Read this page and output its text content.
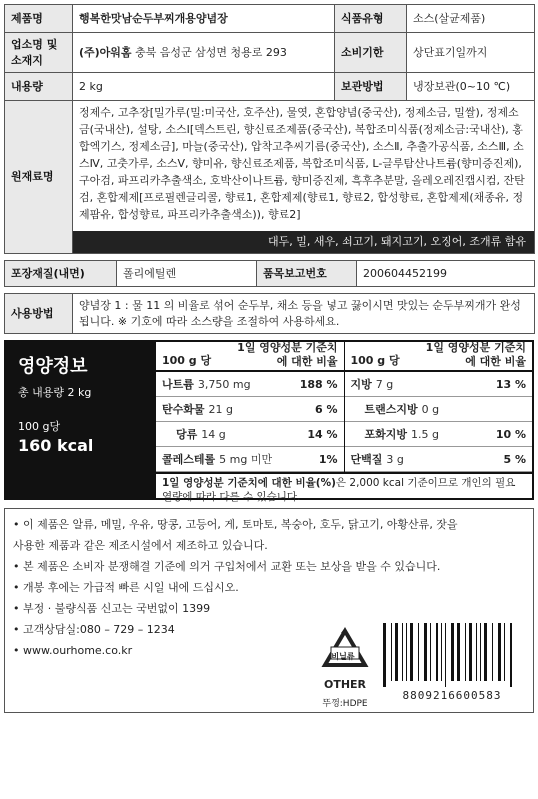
제품명	행복한맛남순두부찌개용양념장	식품유형	소스(살균제품)
업소명 및 소재지	(주)아워홈 충북 음성군 삼성면 청용로 293	소비기한	상단표기일까지
내용량	2 kg	보관방법	냉장보관(0~10 ℃)
원재료명	정제수, 고추장[밀가루(밀:미국산, 호주산), 물엿, 혼합양념(중국산), 정제소금, 밀쌀), 정제소금(국내산), 설탕, 소스Ⅰ[덱스트린, 향신료조제품(중국산), 복합조미식품(정제소금:국내산), 홍합엑기스, 정제소금], 마늘(중국산), 압착고추씨기름(중국산), 소스Ⅱ, 추출가공식품, 소스Ⅲ, 소스Ⅳ, 고춧가루, 소스Ⅴ, 향미유, 향신료조제품, 복합조미식품, L-글루탐산나트륨(향미증진제), 구아검, 파프리카추출색소, 호박산이나트륨, 향미증진제, 흑후추분말, 올레오레진캡시컴, 잔탄검, 혼합제제[프로필렌글리콜, 향료1, 혼합제제(향료1, 향료2, 합성향료, 혼합제제(채종유, 정제팜유, 합성향료, 파프리카추출색소)), 향료2]
대두, 밀, 새우, 쇠고기, 돼지고기, 오징어, 조개류 함유		
포장재질(내면)	폴리에틸렌	품목보고번호	200604452199
사용방법	양념장 1 : 물 11 의 비율로 섞어 순두부, 채소 등을 넣고 끓이시면 맛있는 순두부찌개가 완성됩니다. ※ 기호에 따라 소스량을 조절하여 사용하세요.
영양정보
총 내용량 2 kg
100 g당
160 kcal
100 g 당
1일 영양성분 기준치에 대한 비율
나트륨 3,750 mg	188 %
탄수화물 21 g	6 %
당류 14 g	14 %
콜레스테롤 5 mg 미만	1%
100 g 당
1일 영양성분 기준치에 대한 비율
지방 7 g	13 %
트랜스지방 0 g
포화지방 1.5 g	10 %
단백질 3 g	5 %
1일 영양성분 기준치에 대한 비율(%)은 2,000 kcal 기준이므로 개인의 필요 열량에 따라 다를 수 있습니다.
• 이 제품은 알류, 메밀, 우유, 땅콩, 고등어, 게, 토마토, 복숭아, 호두, 닭고기, 아황산류, 잣을
사용한 제품과 같은 제조시설에서 제조하고 있습니다.
• 본 제품은 소비자 분쟁해결 기준에 의거 구입처에서 교환 또는 보상을 받을 수 있습니다.
• 개봉 후에는 가급적 빠른 시일 내에 드십시오.
• 부정 · 불량식품 신고는 국번없이 1399
• 고객상담실:080 – 729 – 1234
• www.ourhome.co.kr
비닐류
OTHER
뚜껑:HDPE
8809216600583
